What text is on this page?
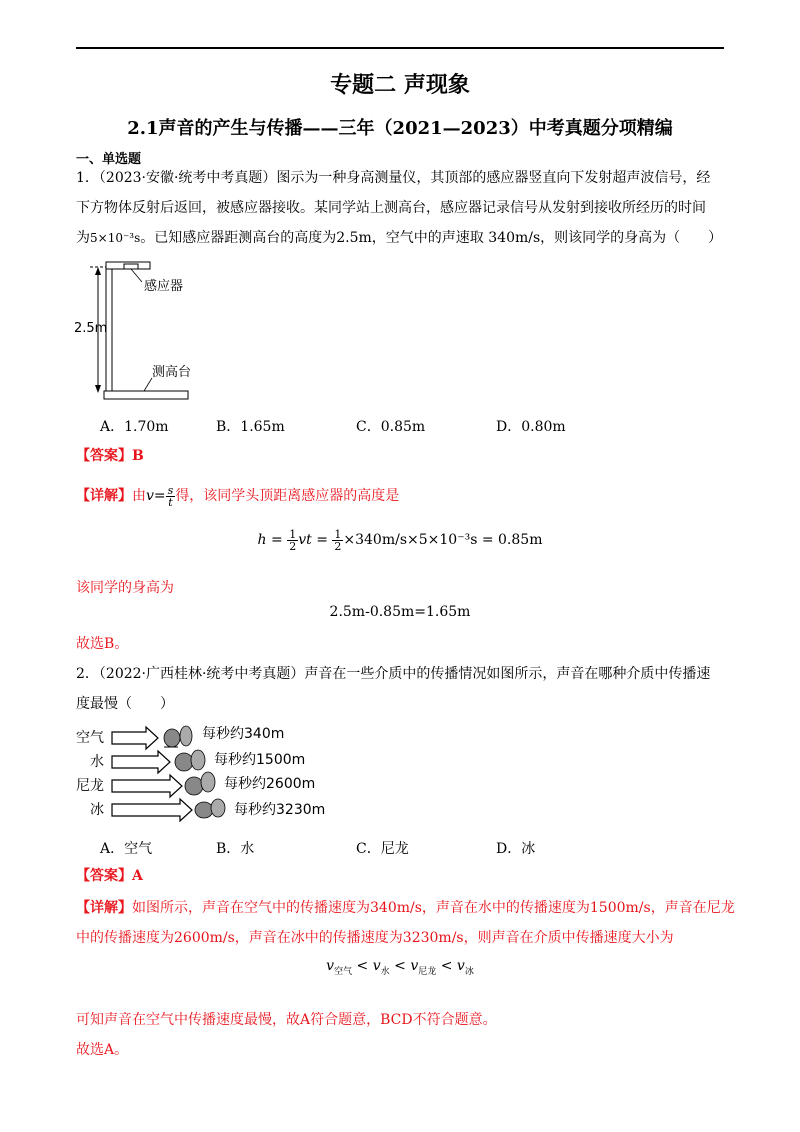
专题二 声现象
2.1声音的产生与传播——三年（2021—2023）中考真题分项精编
一、单选题
1．（2023·安徽·统考中考真题）图示为一种身高测量仪，其顶部的感应器竖直向下发射超声波信号，经
下方物体反射后返回，被感应器接收。某同学站上测高台，感应器记录信号从发射到接收所经历的时间
为5×10⁻³s。已知感应器距测高台的高度为2.5m，空气中的声速取 340m/s，则该同学的身高为（　　）
感应器
2.5m
测高台
A．1.70m	B．1.65m	C．0.85m	D．0.80m
【答案】B
【详解】由$v= \frac{s}{t}$ 得，该同学头顶距离感应器的高度是
$h = \frac{1}{2}$ vt = $\frac{1}{2} \times 340m/s\times 5\times 10^{-3}s = 0.85m$
该同学的身高为
2.5m-0.85m=1.65m
故选B。
2．（2022·广西桂林·统考中考真题）声音在一些介质中的传播情况如图所示，声音在哪种介质中传播速
度最慢（　　）
空气	每秒约340m
水	每秒约1500m
尼龙	每秒约2600m
冰	每秒约3230m
A．空气	B．水	C．尼龙	D．冰
【答案】A
【详解】如图所示，声音在空气中的传播速度为340m/s，声音在水中的传播速度为1500m/s，声音在尼龙
中的传播速度为2600m/s，声音在冰中的传播速度为3230m/s，则声音在介质中传播速度大小为
$v_{空气} < v_水 < v_{尼龙} < v_冰$
可知声音在空气中传播速度最慢，故A符合题意，BCD不符合题意。
故选A。
